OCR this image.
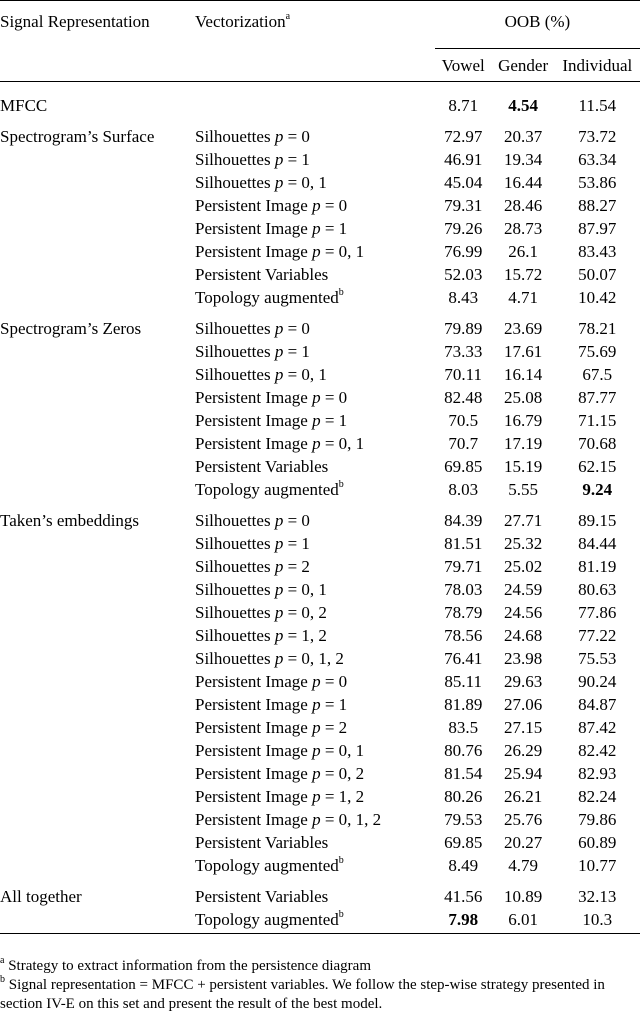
Signal Representation	Vectorization$^a$	OOB (%)		
		Vowel	Gender	Individual

MFCC		8.71	4.54	11.54

Spectrogram’s Surface	Silhouettes p = 0	72.97	20.37	73.72
	Silhouettes p = 1	46.91	19.34	63.34
	Silhouettes p = 0, 1	45.04	16.44	53.86
	Persistent Image p = 0	79.31	28.46	88.27
	Persistent Image p = 1	79.26	28.73	87.97
	Persistent Image p = 0, 1	76.99	26.1	83.43
	Persistent Variables	52.03	15.72	50.07
	Topology augmented$^b$	8.43	4.71	10.42

Spectrogram’s Zeros	Silhouettes p = 0	79.89	23.69	78.21
	Silhouettes p = 1	73.33	17.61	75.69
	Silhouettes p = 0, 1	70.11	16.14	67.5
	Persistent Image p = 0	82.48	25.08	87.77
	Persistent Image p = 1	70.5	16.79	71.15
	Persistent Image p = 0, 1	70.7	17.19	70.68
	Persistent Variables	69.85	15.19	62.15
	Topology augmented$^b$	8.03	5.55	9.24

Taken’s embeddings	Silhouettes p = 0	84.39	27.71	89.15
	Silhouettes p = 1	81.51	25.32	84.44
	Silhouettes p = 2	79.71	25.02	81.19
	Silhouettes p = 0, 1	78.03	24.59	80.63
	Silhouettes p = 0, 2	78.79	24.56	77.86
	Silhouettes p = 1, 2	78.56	24.68	77.22
	Silhouettes p = 0, 1, 2	76.41	23.98	75.53
	Persistent Image p = 0	85.11	29.63	90.24
	Persistent Image p = 1	81.89	27.06	84.87
	Persistent Image p = 2	83.5	27.15	87.42
	Persistent Image p = 0, 1	80.76	26.29	82.42
	Persistent Image p = 0, 2	81.54	25.94	82.93
	Persistent Image p = 1, 2	80.26	26.21	82.24
	Persistent Image p = 0, 1, 2	79.53	25.76	79.86
	Persistent Variables	69.85	20.27	60.89
	Topology augmented$^b$	8.49	4.79	10.77

All together	Persistent Variables	41.56	10.89	32.13
	Topology augmented$^b$	7.98	6.01	10.3

$^a$ Strategy to extract information from the persistence diagram

$^b$ Signal representation = MFCC + persistent variables. We follow the step-wise strategy presented in section IV-E on this set and present the result of the best model.
